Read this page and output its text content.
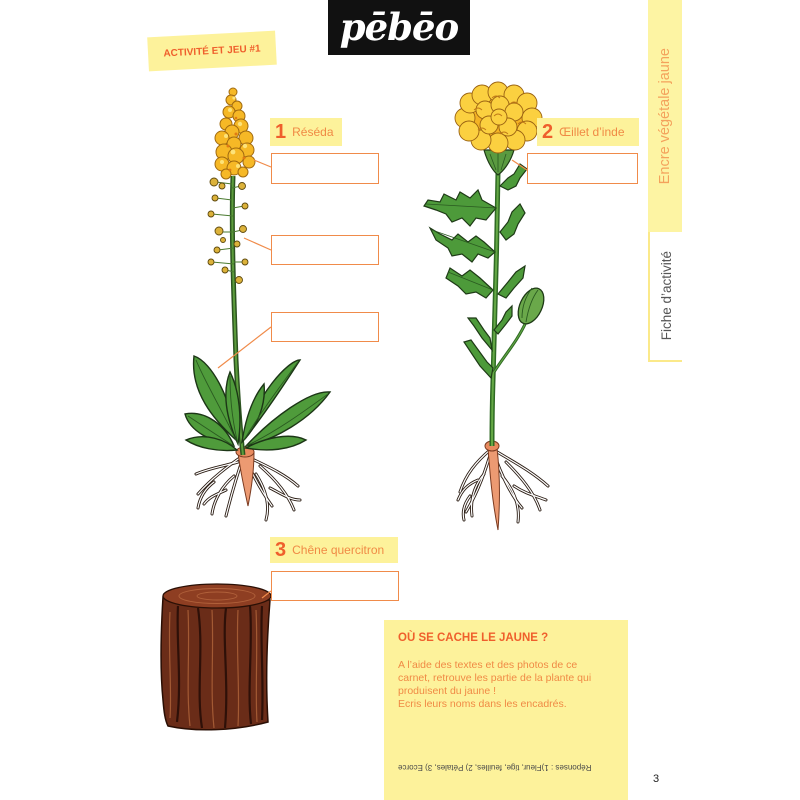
pēbēo
ACTIVITÉ ET JEU #1	Encre végétale jaune
Fiche d’activité
1 Réséda	2 Œillet d’inde
3 Chêne quercitron
OÙ SE CACHE LE JAUNE ?
A l’aide des textes et des photos de ce
carnet, retrouve les partie de la plante qui
produisent du jaune !
Ecris leurs noms dans les encadrés.
Réponses : 1)Fleur, tige, feuilles, 2) Pétales, 3) Ecorce
3
